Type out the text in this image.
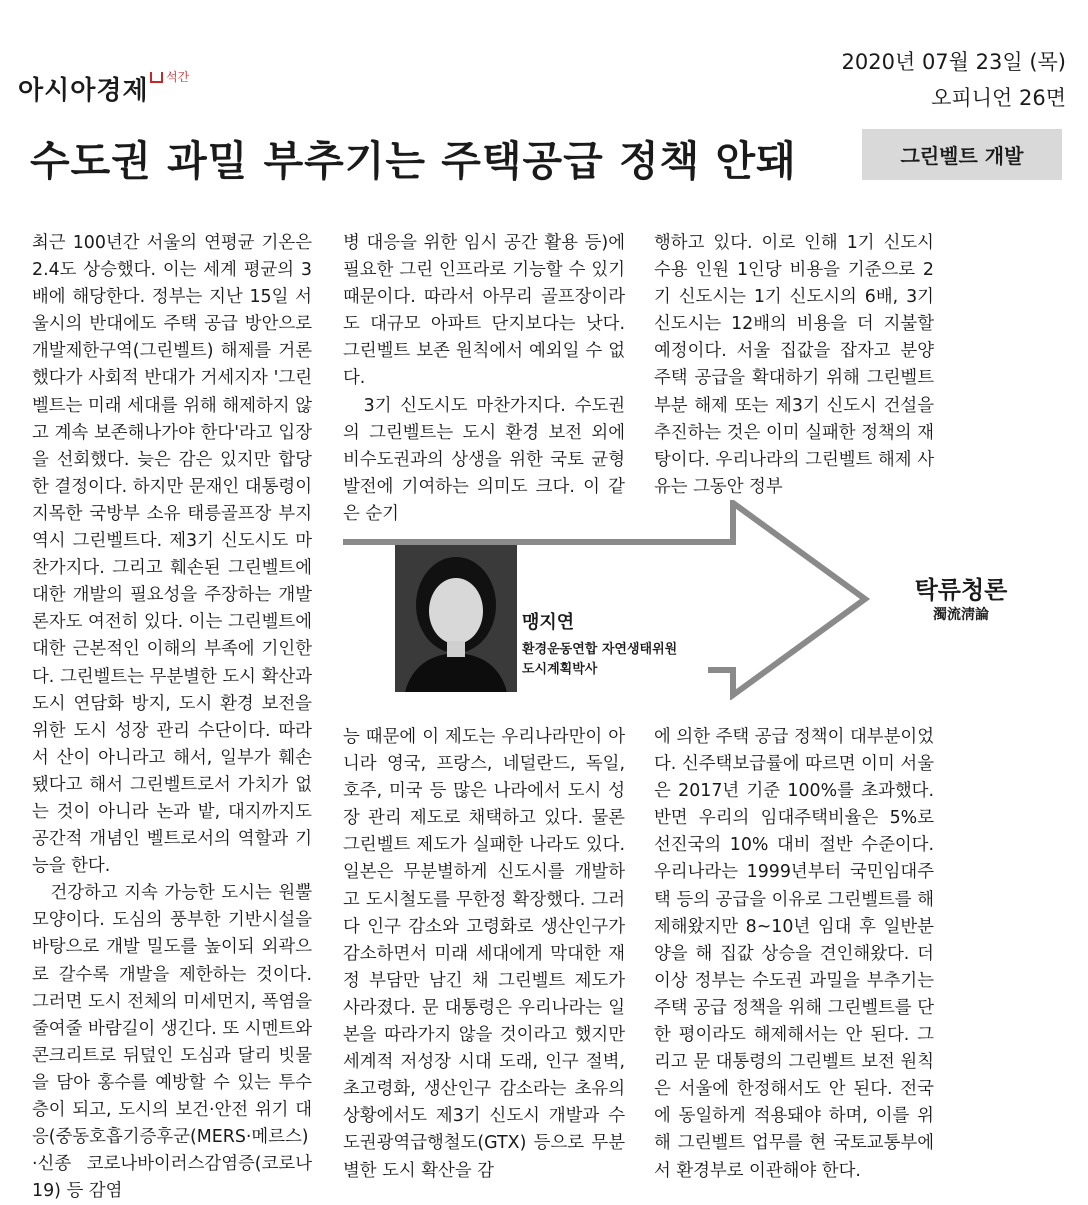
아시아경제	석간
2020년 07월 23일 (목)
오피니언 26면
수도권 과밀 부추기는 주택공급 정책 안돼	그린벨트 개발

최근 100년간 서울의 연평균 기온은 2.4도 상승했다. 이는 세계 평균의 3배에 해당한다. 정부는 지난 15일 서울시의 반대에도 주택 공급 방안으로 개발제한구역(그린벨트) 해제를 거론했다가 사회적 반대가 거세지자 '그린벨트는 미래 세대를 위해 해제하지 않고 계속 보존해나가야 한다'라고 입장을 선회했다. 늦은 감은 있지만 합당한 결정이다. 하지만 문재인 대통령이 지목한 국방부 소유 태릉골프장 부지 역시 그린벨트다. 제3기 신도시도 마찬가지다. 그리고 훼손된 그린벨트에 대한 개발의 필요성을 주장하는 개발론자도 여전히 있다. 이는 그린벨트에 대한 근본적인 이해의 부족에 기인한다. 그린벨트는 무분별한 도시 확산과 도시 연담화 방지, 도시 환경 보전을 위한 도시 성장 관리 수단이다. 따라서 산이 아니라고 해서, 일부가 훼손됐다고 해서 그린벨트로서 가치가 없는 것이 아니라 논과 밭, 대지까지도 공간적 개념인 벨트로서의 역할과 기능을 한다.

　건강하고 지속 가능한 도시는 원뿔 모양이다. 도심의 풍부한 기반시설을 바탕으로 개발 밀도를 높이되 외곽으로 갈수록 개발을 제한하는 것이다. 그러면 도시 전체의 미세먼지, 폭염을 줄여줄 바람길이 생긴다. 또 시멘트와 콘크리트로 뒤덮인 도심과 달리 빗물을 담아 홍수를 예방할 수 있는 투수층이 되고, 도시의 보건·안전 위기 대응(중동호흡기증후군(MERS·메르스)·신종 코로나바이러스감염증(코로나19) 등 감염

병 대응을 위한 임시 공간 활용 등)에 필요한 그린 인프라로 기능할 수 있기 때문이다. 따라서 아무리 골프장이라도 대규모 아파트 단지보다는 낫다. 그린벨트 보존 원칙에서 예외일 수 없다.

　3기 신도시도 마찬가지다. 수도권의 그린벨트는 도시 환경 보전 외에 비수도권과의 상생을 위한 국토 균형 발전에 기여하는 의미도 크다. 이 같은 순기

행하고 있다. 이로 인해 1기 신도시 수용 인원 1인당 비용을 기준으로 2기 신도시는 1기 신도시의 6배, 3기 신도시는 12배의 비용을 더 지불할 예정이다. 서울 집값을 잡자고 분양 주택 공급을 확대하기 위해 그린벨트 부분 해제 또는 제3기 신도시 건설을 추진하는 것은 이미 실패한 정책의 재탕이다. 우리나라의 그린벨트 해제 사유는 그동안 정부

맹지연
환경운동연합 자연생태위원
도시계획박사
탁류청론
濁流淸論

능 때문에 이 제도는 우리나라만이 아니라 영국, 프랑스, 네덜란드, 독일, 호주, 미국 등 많은 나라에서 도시 성장 관리 제도로 채택하고 있다. 물론 그린벨트 제도가 실패한 나라도 있다. 일본은 무분별하게 신도시를 개발하고 도시철도를 무한정 확장했다. 그러다 인구 감소와 고령화로 생산인구가 감소하면서 미래 세대에게 막대한 재정 부담만 남긴 채 그린벨트 제도가 사라졌다. 문 대통령은 우리나라는 일본을 따라가지 않을 것이라고 했지만 세계적 저성장 시대 도래, 인구 절벽, 초고령화, 생산인구 감소라는 초유의 상황에서도 제3기 신도시 개발과 수도권광역급행철도(GTX) 등으로 무분별한 도시 확산을 감

에 의한 주택 공급 정책이 대부분이었다. 신주택보급률에 따르면 이미 서울은 2017년 기준 100%를 초과했다. 반면 우리의 임대주택비율은 5%로 선진국의 10% 대비 절반 수준이다. 우리나라는 1999년부터 국민임대주택 등의 공급을 이유로 그린벨트를 해제해왔지만 8~10년 임대 후 일반분양을 해 집값 상승을 견인해왔다. 더 이상 정부는 수도권 과밀을 부추기는 주택 공급 정책을 위해 그린벨트를 단 한 평이라도 해제해서는 안 된다. 그리고 문 대통령의 그린벨트 보전 원칙은 서울에 한정해서도 안 된다. 전국에 동일하게 적용돼야 하며, 이를 위해 그린벨트 업무를 현 국토교통부에서 환경부로 이관해야 한다.
